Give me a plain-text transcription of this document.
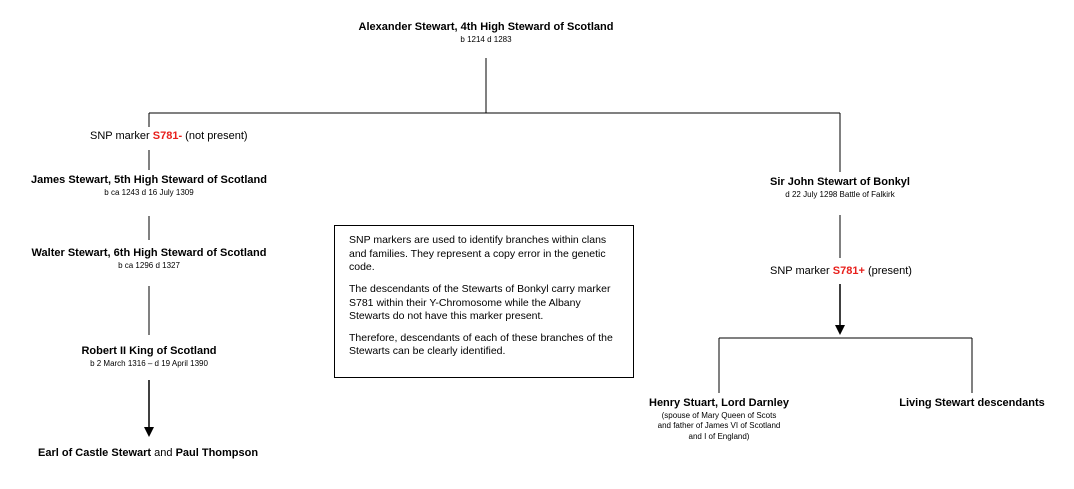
Alexander Stewart, 4th High Steward of Scotland
b 1214 d 1283
SNP marker S781- (not present)
James Stewart, 5th High Steward of Scotland
b ca 1243 d 16 July 1309
Walter Stewart, 6th High Steward of Scotland
b ca 1296 d 1327
Robert II King of Scotland
b 2 March 1316 – d 19 April 1390
Earl of Castle Stewart and Paul Thompson

SNP markers are used to identify branches within clans and families. They represent a copy error in the genetic code.

The descendants of the Stewarts of Bonkyl carry marker S781 within their Y-Chromosome while the Albany Stewarts do not have this marker present.

Therefore, descendants of each of these branches of the Stewarts can be clearly identified.

Sir John Stewart of Bonkyl
d 22 July 1298 Battle of Falkirk
SNP marker S781+ (present)
Henry Stuart, Lord Darnley
(spouse of Mary Queen of Scots
and father of James VI of Scotland
and I of England)
Living Stewart descendants
